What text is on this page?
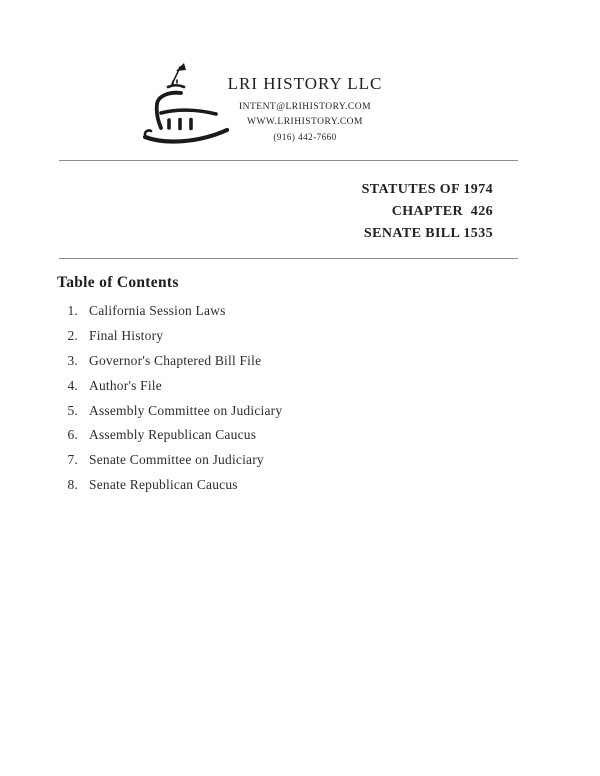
LRI HISTORY LLC
INTENT@LRIHISTORY.COM
WWW.LRIHISTORY.COM
(916) 442-7660
STATUTES OF 1974
CHAPTER  426
SENATE BILL 1535
Table of Contents
1. California Session Laws
2. Final History
3. Governor's Chaptered Bill File
4. Author's File
5. Assembly Committee on Judiciary
6. Assembly Republican Caucus
7. Senate Committee on Judiciary
8. Senate Republican Caucus
